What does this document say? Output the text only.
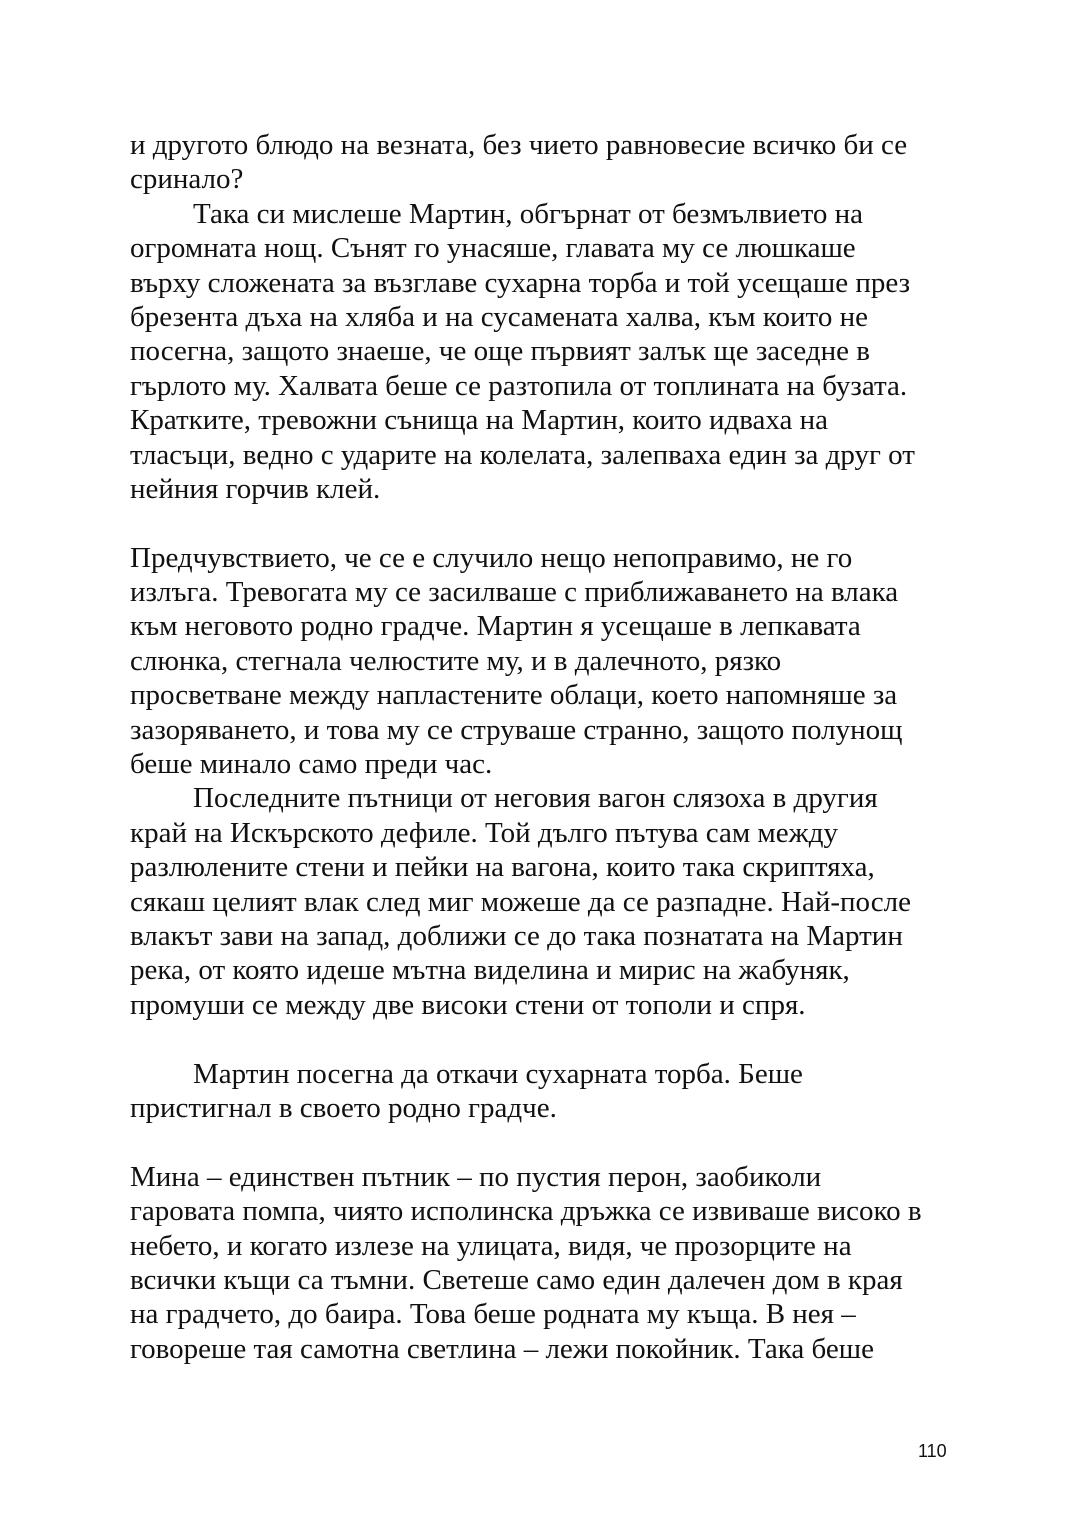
и другото блюдо на везната, без чието равновесие всичко би се
сринало?
Така си мислеше Мартин, обгърнат от безмълвието на
огромната нощ. Сънят го унасяше, главата му се люшкаше
върху сложената за възглаве сухарна торба и той усещаше през
брезента дъха на хляба и на сусамената халва, към които не
посегна, защото знаеше, че още първият залък ще заседне в
гърлото му. Халвата беше се разтопила от топлината на бузата.
Кратките, тревожни сънища на Мартин, които идваха на
тласъци, ведно с ударите на колелата, залепваха един за друг от
нейния горчив клей.
Предчувствието, че се е случило нещо непоправимо, не го
излъга. Тревогата му се засилваше с приближаването на влака
към неговото родно градче. Мартин я усещаше в лепкавата
слюнка, стегнала челюстите му, и в далечното, рязко
просветване между напластените облаци, което напомняше за
зазоряването, и това му се струваше странно, защото полунощ
беше минало само преди час.
Последните пътници от неговия вагон слязоха в другия
край на Искърското дефиле. Той дълго пътува сам между
разлюлените стени и пейки на вагона, които така скриптяха,
сякаш целият влак след миг можеше да се разпадне. Най-после
влакът зави на запад, доближи се до така познатата на Мартин
река, от която идеше мътна виделина и мирис на жабуняк,
промуши се между две високи стени от тополи и спря.
Мартин посегна да откачи сухарната торба. Беше
пристигнал в своето родно градче.
Мина – единствен пътник – по пустия перон, заобиколи
гаровата помпа, чиято исполинска дръжка се извиваше високо в
небето, и когато излезе на улицата, видя, че прозорците на
всички къщи са тъмни. Светеше само един далечен дом в края
на градчето, до баира. Това беше родната му къща. В нея –
говореше тая самотна светлина – лежи покойник. Така беше
110
